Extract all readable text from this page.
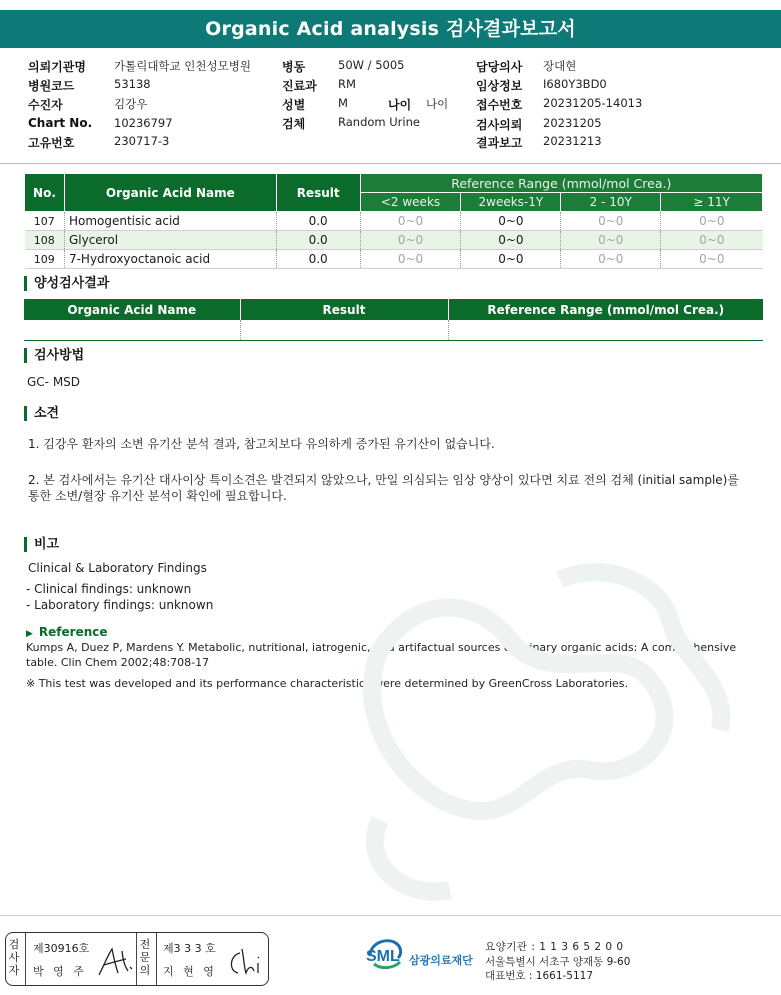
Organic Acid analysis 검사결과보고서
의뢰기관명 가톨릭대학교 인천성모병원
병원코드	53138
수진자	김강우
Chart No. 10236797
고유번호	230717-3
병동	50W / 5005
진료과 RM
성별	M	나이 나이
검체	Random Urine
담당의사 장대현
임상정보 I680Y3BD0
접수번호 20231205-14013
검사의뢰 20231205
결과보고 20231213
No.	Organic Acid Name	Result	Reference Range (mmol/mol Crea.)			
			<2 weeks	2weeks-1Y	2 - 10Y	≥ 11Y
107	Homogentisic acid	0.0	0~0	0~0	0~0	0~0
108	Glycerol	0.0	0~0	0~0	0~0	0~0
109	7-Hydroxyoctanoic acid	0.0	0~0	0~0	0~0	0~0
양성검사결과
Organic Acid Name	Result	Reference Range (mmol/mol Crea.)

검사방법
GC- MSD
소견
1. 김강우 환자의 소변 유기산 분석 결과, 참고치보다 유의하게 증가된 유기산이 없습니다.
2. 본 검사에서는 유기산 대사이상 특이소견은 발견되지 않았으나, 만일 의심되는 임상 양상이 있다면 치료 전의 검체 (initial sample)를
통한 소변/혈장 유기산 분석이 확인에 필요합니다.
비고
Clinical & Laboratory Findings
- Clinical findings: unknown
- Laboratory findings: unknown
▶ Reference
Kumps A, Duez P, Mardens Y. Metabolic, nutritional, iatrogenic, and artifactual sources of urinary organic acids: A comprehensive
table. Clin Chem 2002;48:708-17
※ This test was developed and its performance characteristics were determined by GreenCross Laboratories.
검
사
자
제30916호
박 영 주
전
문
의
제3 3 3 호
지 현 영
SML 삼광의료재단
요양기관 : 1 1 3 6 5 2 0 0
서울특별시 서초구 양재동 9-60
대표번호 : 1661-5117
